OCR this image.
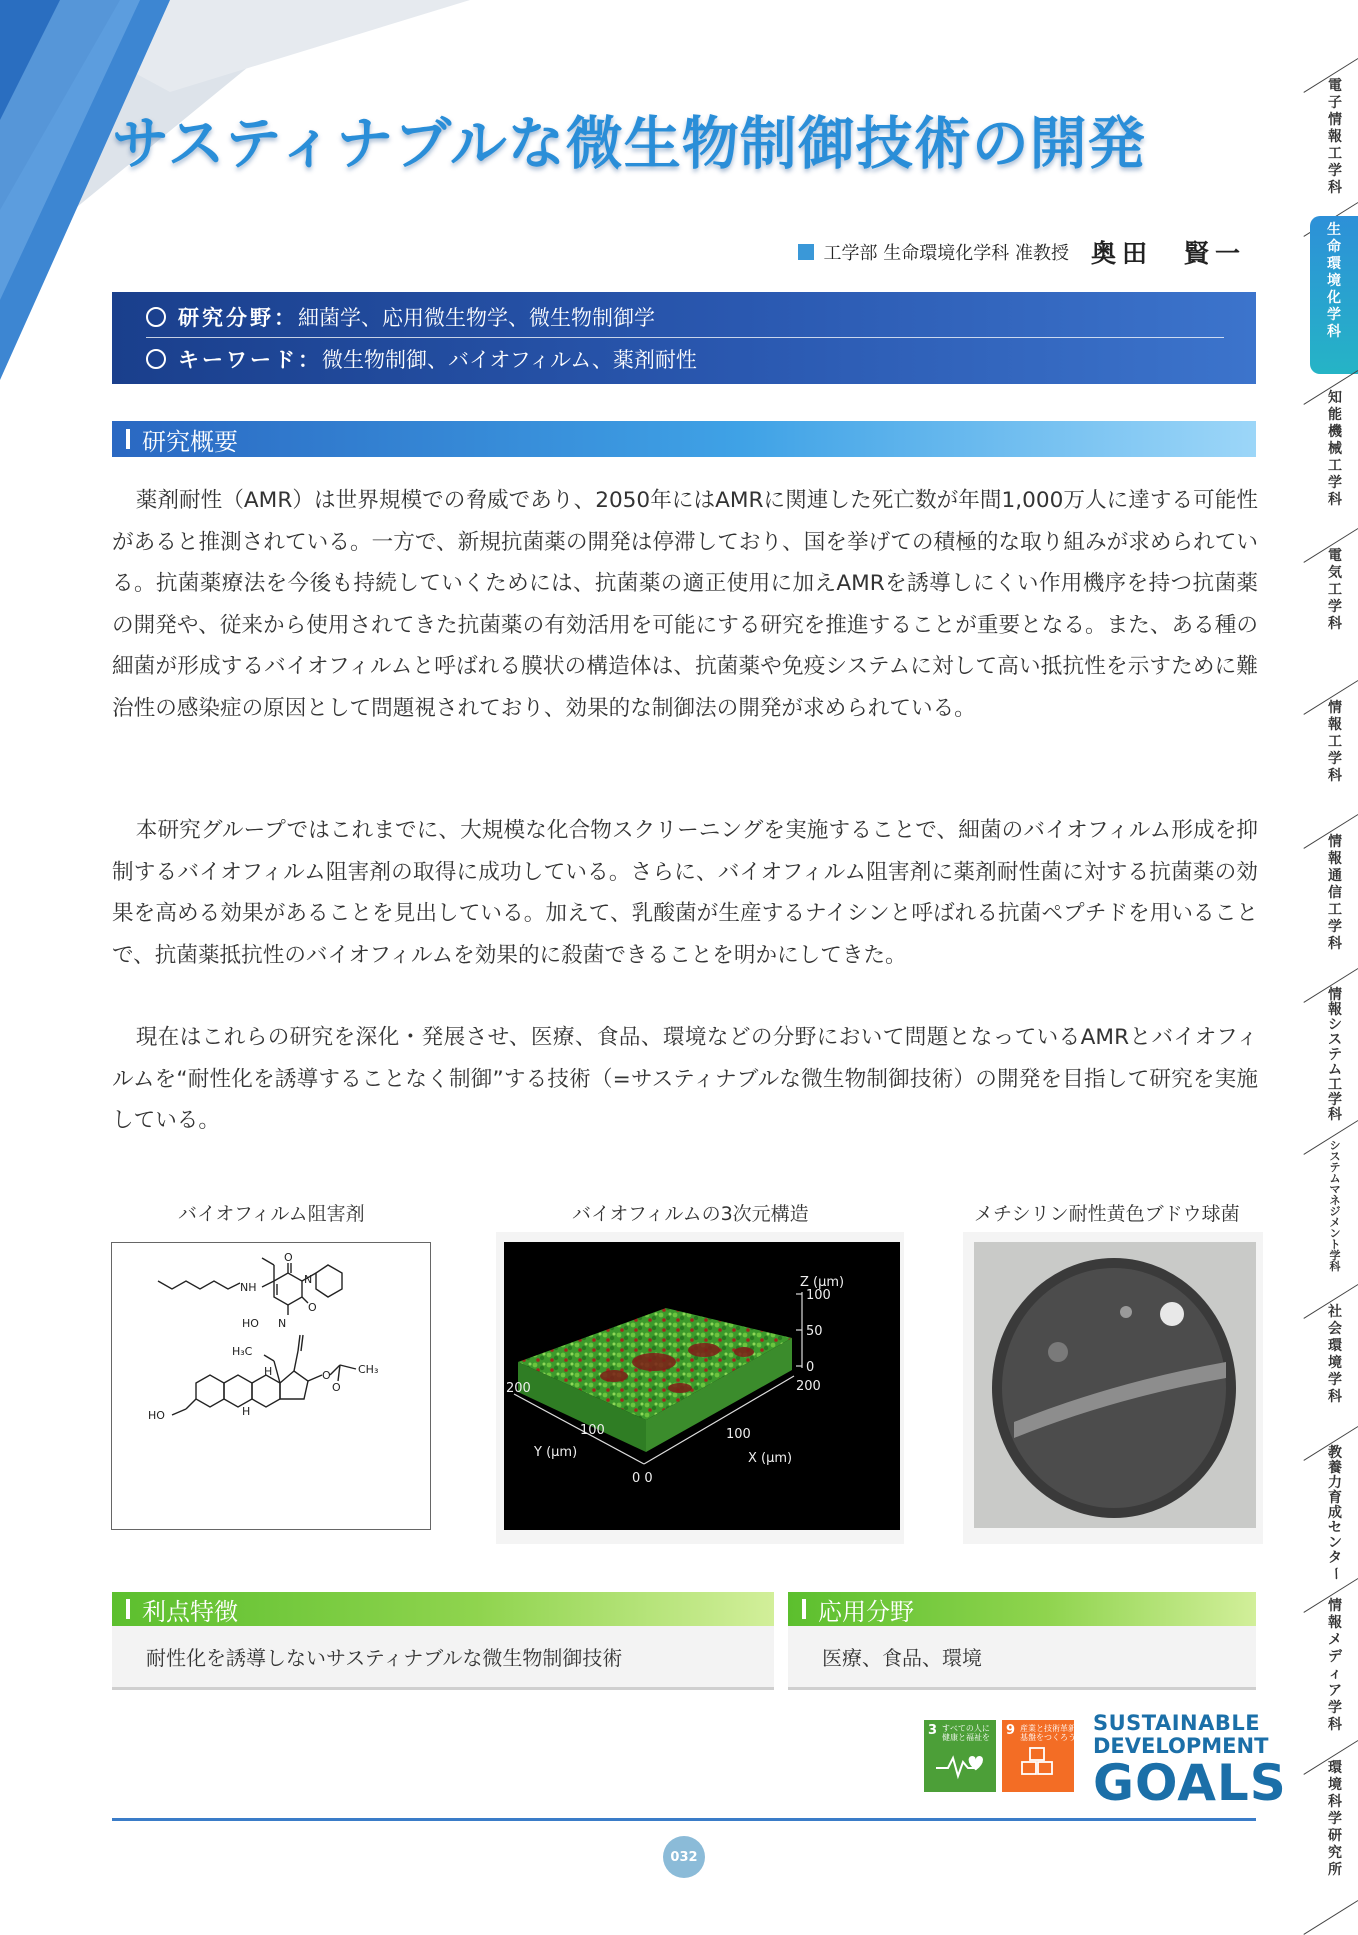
サスティナブルな微生物制御技術の開発
工学部 生命環境化学科 准教授 奥田　賢一
研究分野： 細菌学、応用微生物学、微生物制御学
キーワード： 微生物制御、バイオフィルム、薬剤耐性
研究概要

薬剤耐性（AMR）は世界規模での脅威であり、2050年にはAMRに関連した死亡数が年間1,000万人に達する可能性があると推測されている。一方で、新規抗菌薬の開発は停滞しており、国を挙げての積極的な取り組みが求められている。抗菌薬療法を今後も持続していくためには、抗菌薬の適正使用に加えAMRを誘導しにくい作用機序を持つ抗菌薬の開発や、従来から使用されてきた抗菌薬の有効活用を可能にする研究を推進することが重要となる。また、ある種の細菌が形成するバイオフィルムと呼ばれる膜状の構造体は、抗菌薬や免疫システムに対して高い抵抗性を示すために難治性の感染症の原因として問題視されており、効果的な制御法の開発が求められている。

本研究グループではこれまでに、大規模な化合物スクリーニングを実施することで、細菌のバイオフィルム形成を抑制するバイオフィルム阻害剤の取得に成功している。さらに、バイオフィルム阻害剤に薬剤耐性菌に対する抗菌薬の効果を高める効果があることを見出している。加えて、乳酸菌が生産するナイシンと呼ばれる抗菌ペプチドを用いることで、抗菌薬抵抗性のバイオフィルムを効果的に殺菌できることを明かにしてきた。

現在はこれらの研究を深化・発展させ、医療、食品、環境などの分野において問題となっているAMRとバイオフィルムを“耐性化を誘導することなく制御”する技術（=サスティナブルな微生物制御技術）の開発を目指して研究を実施している。

バイオフィルム阻害剤	バイオフィルムの3次元構造	メチシリン耐性黄色ブドウ球菌
NH
O
N
N
O
HO
H₃C
O CH₃
O
HO
H
H
Z (μm)
100
50
0
200
100
X (μm)
200
100
Y (μm)
0 0
利点特徴
耐性化を誘導しないサスティナブルな微生物制御技術
応用分野
医療、食品、環境
3 すべての人に
健康と福祉を 9 産業と技術革新の
基盤をつくろう
SUSTAINABLE
DEVELOPMENT
GOALS
032
電
子
情
報
工
学
科
生
命
環
境
化
学
科
知
能
機
械
工
学
科
電
気
工
学
科
情
報
工
学
科
情
報
通
信
工
学
科
情
報
シ
ス
テ
ム
工
学
科
シ
ス
テ
ム
マ
ネ
ジ
メ
ン
ト
学
科
社
会
環
境
学
科
教
養
力
育
成
セ
ン
タ
ー
情
報
メ
デ
ィ
ア
学
科
環
境
科
学
研
究
所
